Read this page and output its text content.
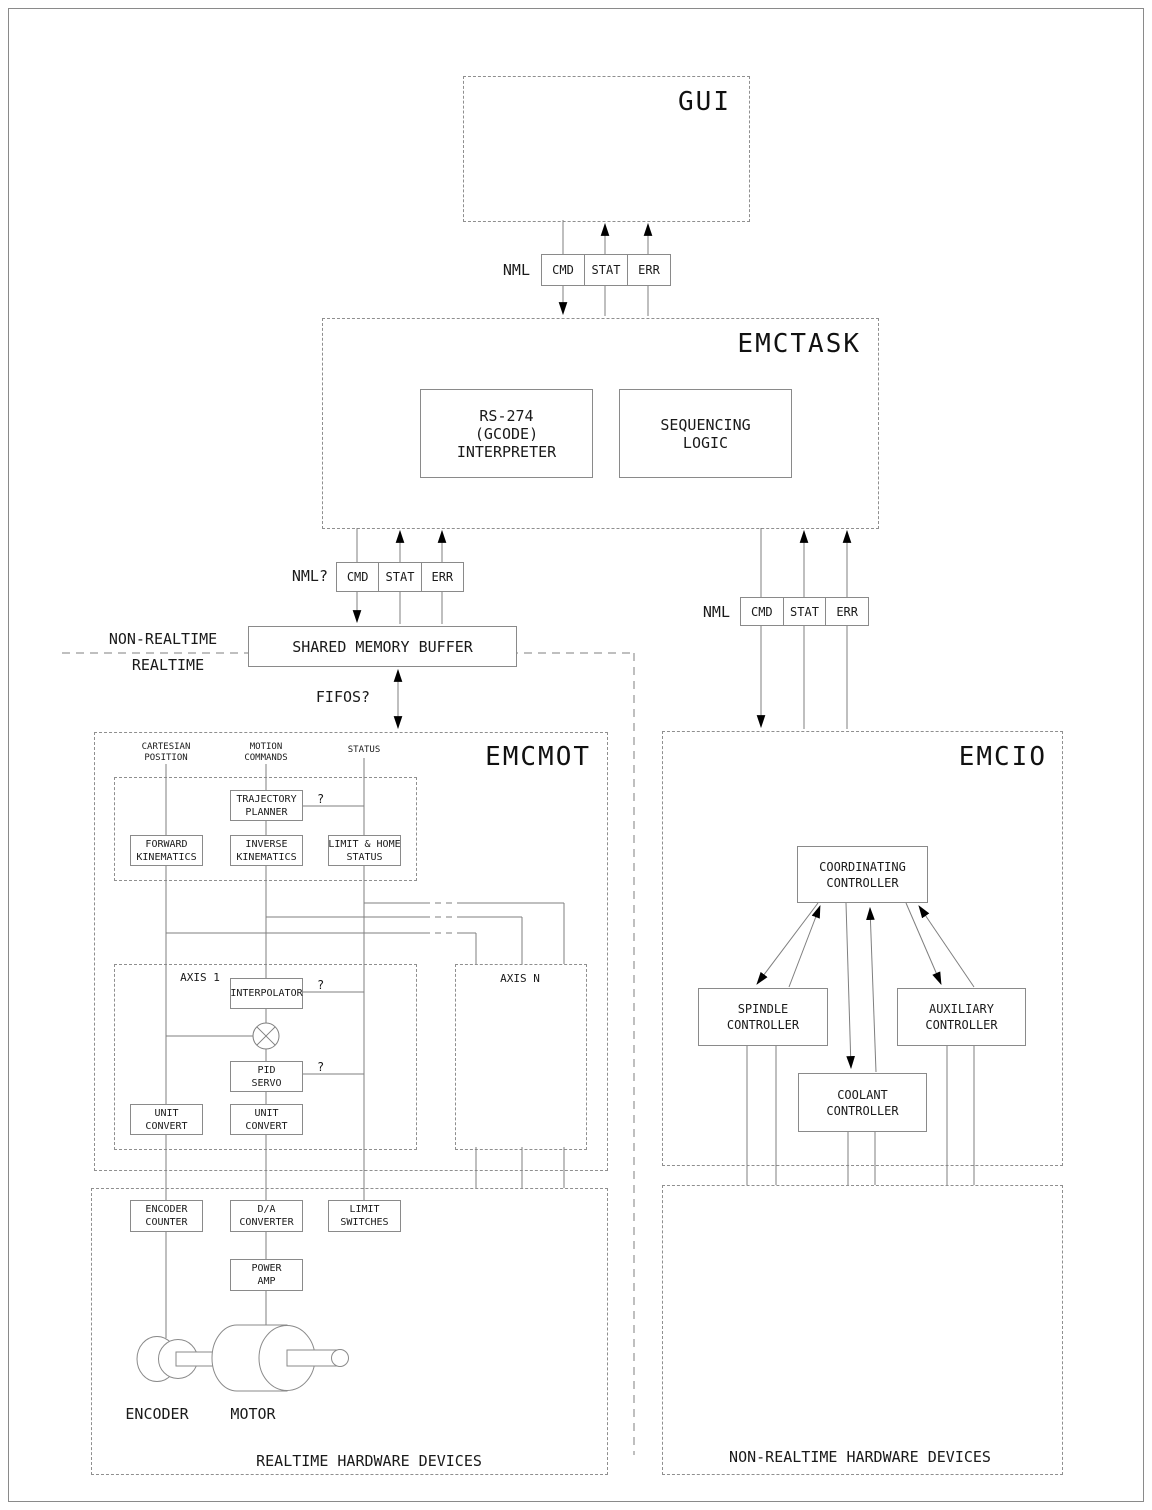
GUI
EMCTASK
EMCMOT	EMCIO
NML	CMD	STAT	ERR
NML?	CMD	STAT	ERR
NML	CMD	STAT	ERR
NON-REALTIME
REALTIME
SHARED MEMORY BUFFER
FIFOS?
RS-274
(GCODE)
INTERPRETER
SEQUENCING
LOGIC
CARTESIAN
POSITION
MOTION
COMMANDS
STATUS
TRAJECTORY
PLANNER
FORWARD
KINEMATICS
INVERSE
KINEMATICS
LIMIT & HOME
STATUS
?
?
?
AXIS 1	AXIS N
INTERPOLATOR
PID
SERVO
UNIT
CONVERT
UNIT
CONVERT
ENCODER
COUNTER
D/A
CONVERTER
LIMIT
SWITCHES
POWER
AMP
ENCODER	MOTOR
REALTIME HARDWARE DEVICES
COORDINATING
CONTROLLER
SPINDLE
CONTROLLER
AUXILIARY
CONTROLLER
COOLANT
CONTROLLER
NON-REALTIME HARDWARE DEVICES
